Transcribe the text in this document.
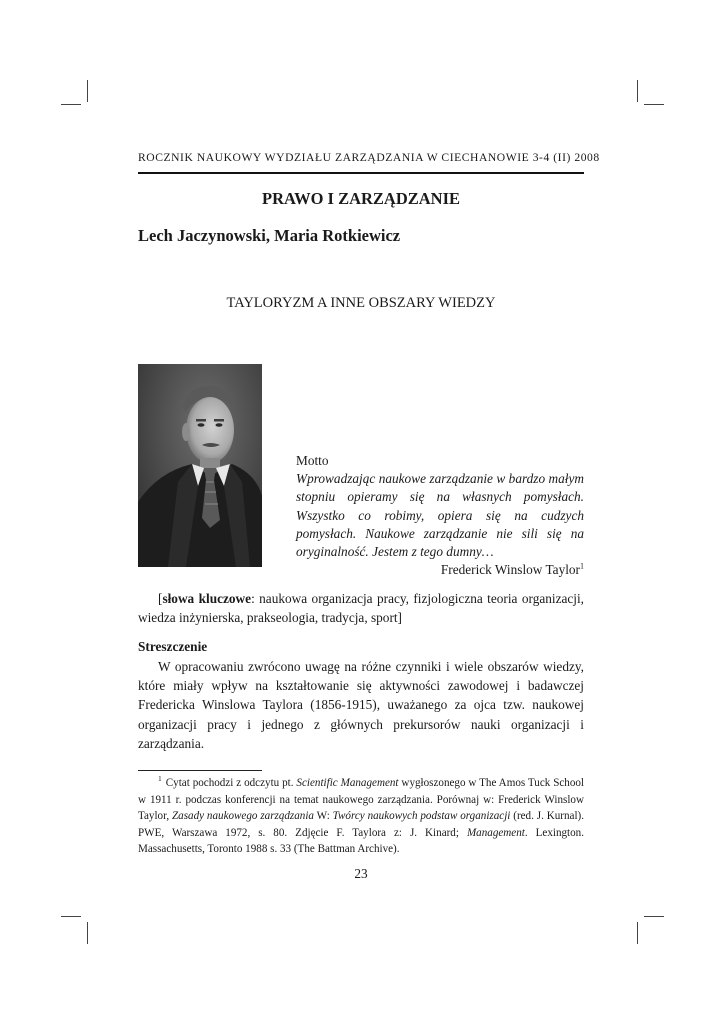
ROCZNIK NAUKOWY WYDZIAŁU ZARZĄDZANIA W CIECHANOWIE 3-4 (II) 2008
PRAWO I ZARZĄDZANIE
Lech Jaczynowski, Maria Rotkiewicz
TAYLORYZM A INNE OBSZARY WIEDZY
Motto
Wprowadzając naukowe zarządzanie w bardzo małym stopniu opieramy się na własnych pomysłach. Wszystko co robimy, opiera się na cudzych pomysłach. Naukowe zarządzanie nie sili się na oryginalność. Jestem z tego dumny…
Frederick Winslow Taylor$^1$
[słowa kluczowe: naukowa organizacja pracy, fizjologiczna teoria organizacji, wiedza inżynierska, prakseologia, tradycja, sport]
Streszczenie
W opracowaniu zwrócono uwagę na różne czynniki i wiele obszarów wiedzy, które miały wpływ na kształtowanie się aktywności zawodowej i badawczej Fredericka Winslowa Taylora (1856-1915), uważanego za ojca tzw. naukowej organizacji pracy i jednego z głównych prekursorów nauki organizacji i zarządzania.
$^1$ Cytat pochodzi z odczytu pt. Scientific Management wygłoszonego w The Amos Tuck School w 1911 r. podczas konferencji na temat naukowego zarządzania. Porównaj w: Frederick Winslow Taylor, Zasady naukowego zarządzania W: Twórcy naukowych podstaw organizacji (red. J. Kurnal). PWE, Warszawa 1972, s. 80. Zdjęcie F. Taylora z: J. Kinard; Management. Lexington. Massachusetts, Toronto 1988 s. 33 (The Battman Archive).
23
